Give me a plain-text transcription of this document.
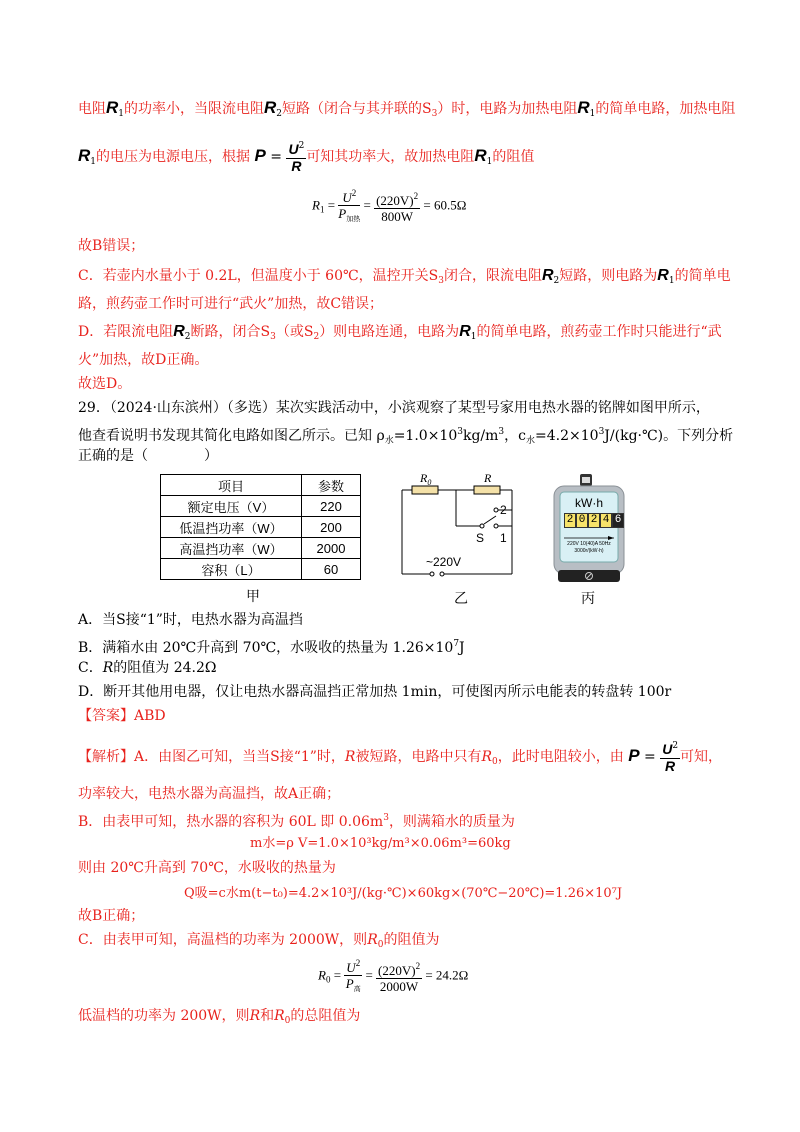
电阻$R_1$的功率小，当限流电阻$R_2$短路（闭合与其并联的$S_3$）时，电路为加热电阻$R_1$的简单电路，加热电阻
$R_1$的电压为电源电压，根据 $P = \frac{U^2}{R}$ 可知其功率大，故加热电阻$R_1$的阻值
$R_1 = \frac{U^2}{P_{加热}} = \frac{(220V)^2}{800W} = 60.5\Omega$
故B错误；
C．若壶内水量小于 0.2L，但温度小于 60℃，温控开关$S_3$闭合，限流电阻$R_2$短路，则电路为$R_1$的简单电
路，煎药壶工作时可进行“武火”加热，故C错误；
D．若限流电阻$R_2$断路，闭合$S_3$（或$S_2$）则电路连通，电路为$R_1$的简单电路，煎药壶工作时只能进行“武
火”加热，故D正确。
故选D。
29．（2024·山东滨州）（多选）某次实践活动中，小滨观察了某型号家用电热水器的铭牌如图甲所示，
他查看说明书发现其简化电路如图乙所示。已知 $\rho_水=1.0\times 10^3kg/m^3$，$c_水=4.2\times 10^3J/(kg\cdot℃)$。下列分析
正确的是（　　　　）
项目	参数
额定电压（V）	220
低温挡功率（W）	200
高温挡功率（W）	2000
容积（L）	60
甲
$R_0$	R
2
S 1
~220V
乙
kW·h
2 0 2 4 6
220V 10(40)A 50Hz
3000r/(kW·h)
丙
A．当S接“1”时，电热水器为高温挡
B．满箱水由 20℃升高到 70℃，水吸收的热量为 $1.26\times 10^7J$
C．R的阻值为 24.2Ω
D．断开其他用电器，仅让电热水器高温挡正常加热 1min，可使图丙所示电能表的转盘转 100r
【答案】ABD
【解析】A．由图乙可知，当当S接“1”时，R被短路，电路中只有$R_0$，此时电阻较小，由 $P = \frac{U^2}{R}$ 可知，
功率较大，电热水器为高温挡，故A正确；
B．由表甲可知，热水器的容积为 60L 即 $0.06m^3$，则满箱水的质量为
m水=ρ V=1.0×10³kg/m³×0.06m³=60kg
则由 20℃升高到 70℃，水吸收的热量为
Q吸=c水m(t−t₀)=4.2×10³J/(kg·℃)×60kg×(70℃−20℃)=1.26×10⁷J
故B正确；
C．由表甲可知，高温档的功率为 2000W，则$R_0$的阻值为
$R_0 = \frac{U^2}{P_高} = \frac{(220V)^2}{2000W} = 24.2\Omega$
低温档的功率为 200W，则R和$R_0$的总阻值为
